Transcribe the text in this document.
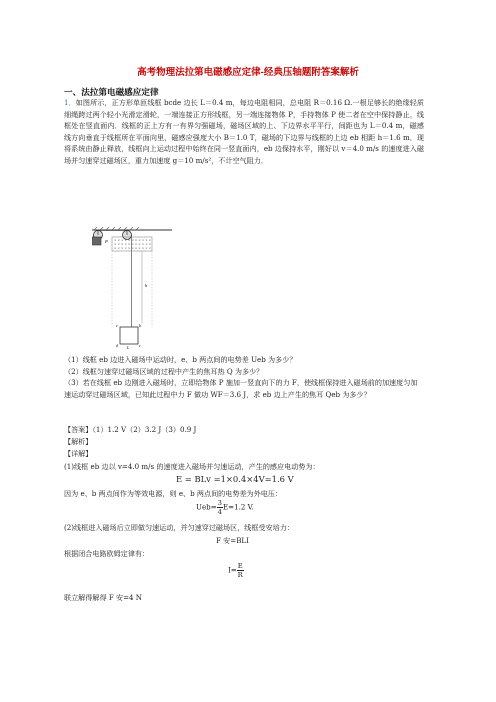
高考物理法拉第电磁感应定律-经典压轴题附答案解析
一、法拉第电磁感应定律
1．如图所示，正方形单匝线框 bcde 边长 L＝0.4 m，每边电阻相同，总电阻 R＝0.16 Ω.一根足够长的绝缘轻质细绳跨过两个轻小光滑定滑轮，一端连接正方形线框，另一端连接物体 P，手持物体 P 使二者在空中保持静止，线框处在竖直面内．线框的正上方有一有界匀强磁场，磁场区域的上、下边界水平平行，间距也为 L＝0.4 m，磁感线方向垂直于线框所在平面向里，磁感应强度大小 B＝1.0 T，磁场的下边界与线框的上边 eb 相距 h＝1.6 m．现将系统由静止释放，线框向上运动过程中始终在同一竖直面内，eb 边保持水平，刚好以 v＝4.0 m/s 的速度进入磁场并匀速穿过磁场区，重力加速度 g＝10 m/s²，不计空气阻力．
P × × × × × × × × × × ×
× × × × × × × × × × ×
× × × × × × × × × × ×
h
e	b
c
d L
（1）线框 eb 边进入磁场中运动时，e、b 两点间的电势差 Ueb 为多少？
（2）线框匀速穿过磁场区域的过程中产生的焦耳热 Q 为多少？
（3）若在线框 eb 边刚进入磁场时，立即给物体 P 施加一竖直向下的力 F，使线框保持进入磁场前的加速度匀加速运动穿过磁场区域，已知此过程中力 F 做功 WF＝3.6 J，求 eb 边上产生的焦耳 Qeb 为多少？
【答案】（1）1.2 V（2）3.2 J（3）0.9 J
【解析】
【详解】
(1)线框 eb 边以 v=4.0 m/s 的速度进入磁场并匀速运动，产生的感应电动势为：
E = BLv =1×0.4×4V=1.6 V
因为 e、b 两点间作为等效电源，则 e、b 两点间的电势差为外电压：
$Ueb= \frac{3}{4} E=1.2$ V.
(2)线框进入磁场后立即做匀速运动，并匀速穿过磁场区，线框受安培力：
F 安=BLI
根据闭合电路欧姆定律有：
$I= \frac{E}{R}$
联立解得解得 F 安=4 N
